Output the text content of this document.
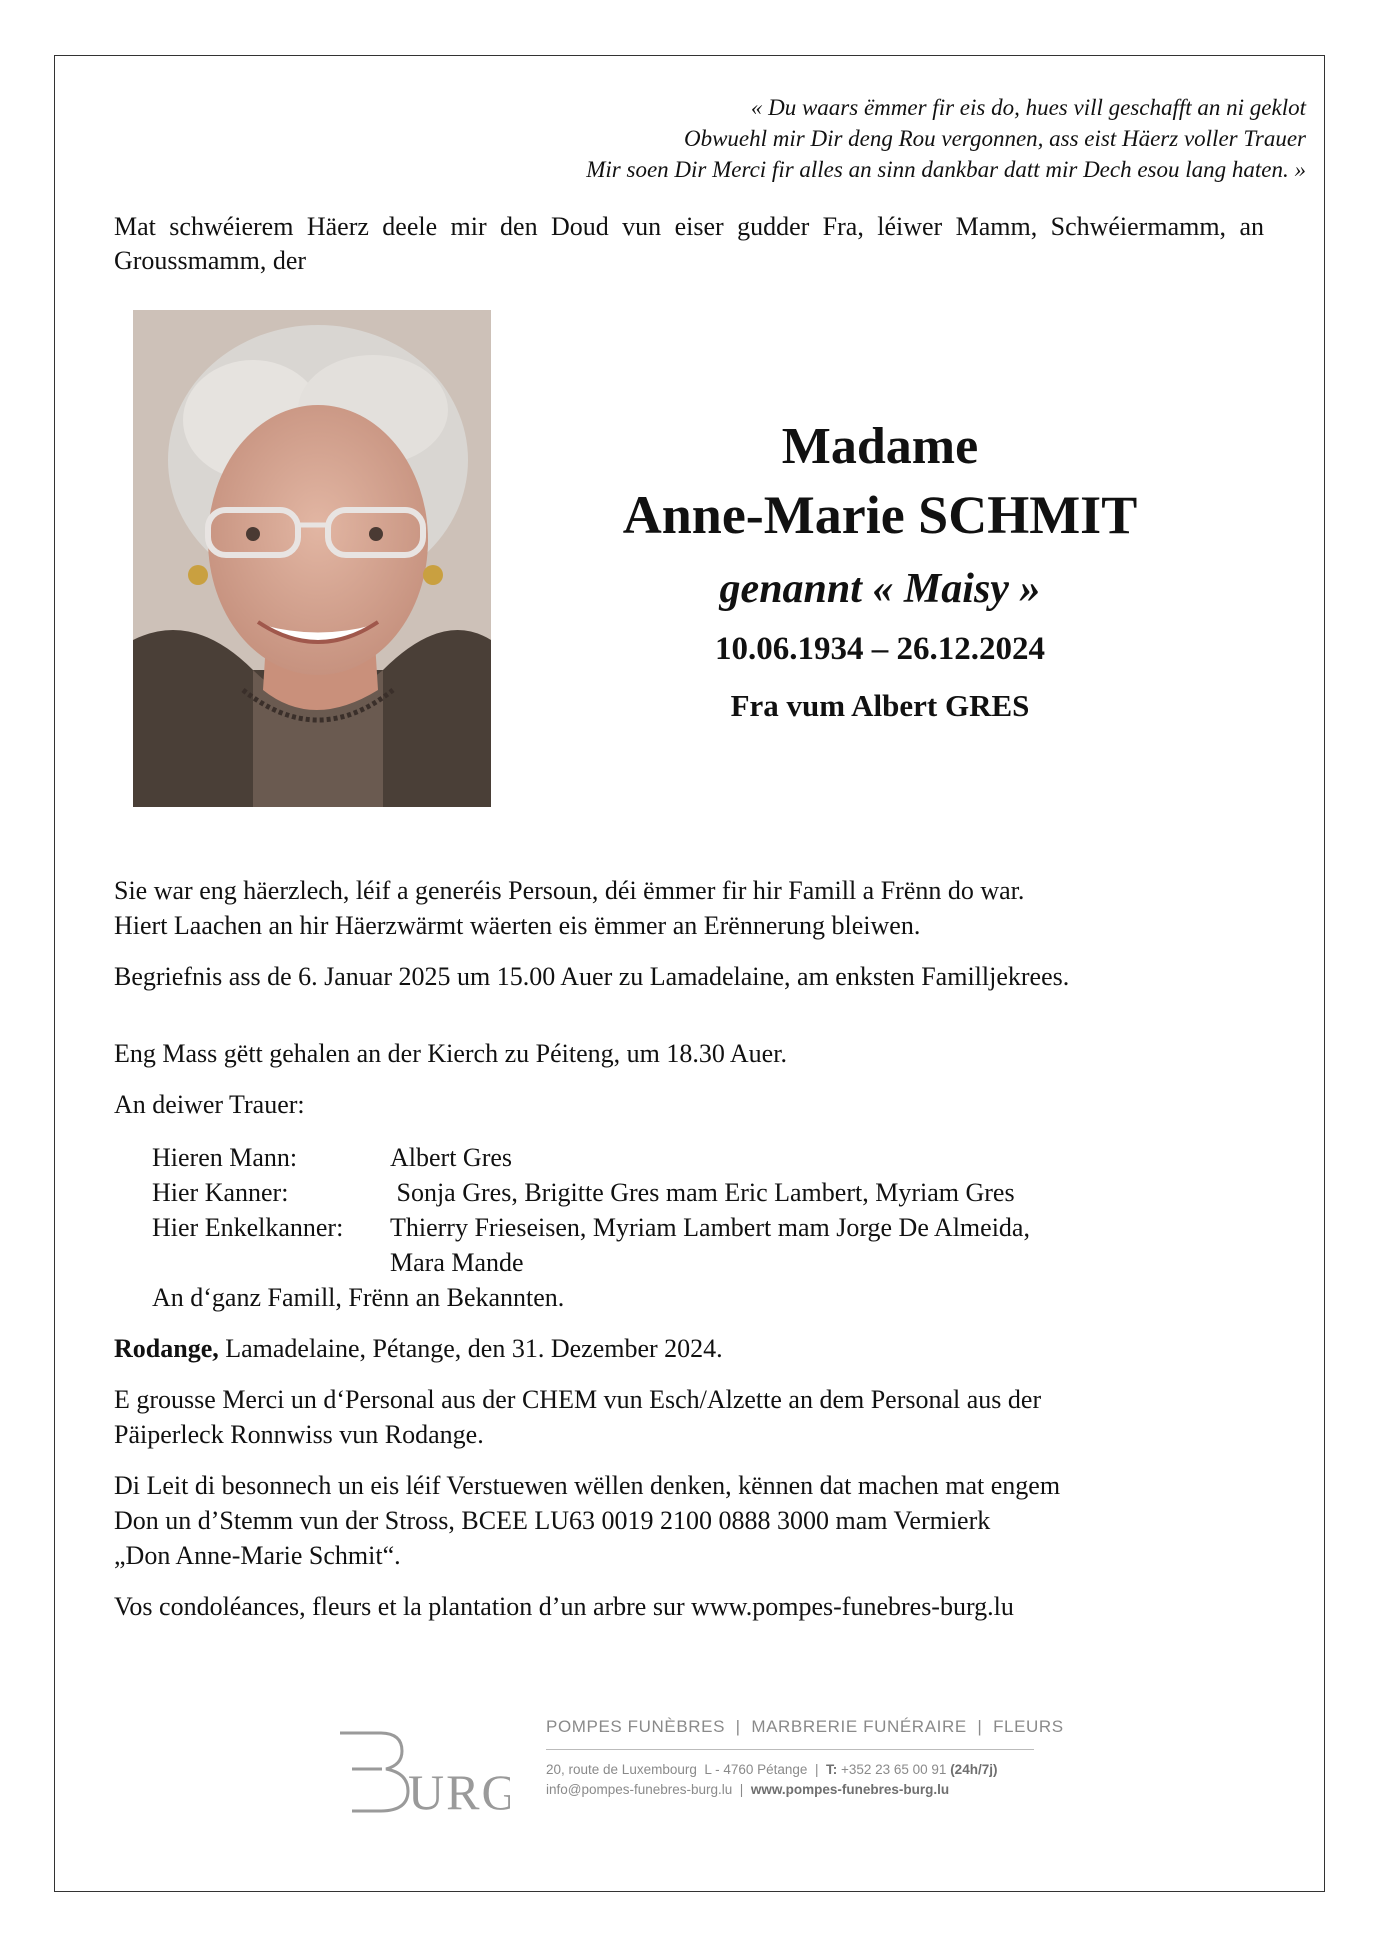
« Du waars ëmmer fir eis do, hues vill geschafft an ni geklot
Obwuehl mir Dir deng Rou vergonnen, ass eist Häerz voller Trauer
Mir soen Dir Merci fir alles an sinn dankbar datt mir Dech esou lang haten. »
Mat schwéierem Häerz deele mir den Doud vun eiser gudder Fra, léiwer Mamm, Schwéiermamm, an Groussmamm, der
Madame
Anne-Marie SCHMIT
genannt « Maisy »
10.06.1934 – 26.12.2024
Fra vum Albert GRES

Sie war eng häerzlech, léif a generéis Persoun, déi ëmmer fir hir Famill a Frënn do war.
Hiert Laachen an hir Häerzwärmt wäerten eis ëmmer an Erënnerung bleiwen.

Begriefnis ass de 6. Januar 2025 um 15.00 Auer zu Lamadelaine, am enksten Familljekrees.

Eng Mass gëtt gehalen an der Kierch zu Péiteng, um 18.30 Auer.

An deiwer Trauer:

Hieren Mann:	Albert Gres
Hier Kanner:	Sonja Gres, Brigitte Gres mam Eric Lambert, Myriam Gres
Hier Enkelkanner:	Thierry Frieseisen, Myriam Lambert mam Jorge De Almeida,
Mara Mande
An d‘ganz Famill, Frënn an Bekannten.

Rodange, Lamadelaine, Pétange, den 31. Dezember 2024.

E grousse Merci un d‘Personal aus der CHEM vun Esch/Alzette an dem Personal aus der
Päiperleck Ronnwiss vun Rodange.

Di Leit di besonnech un eis léif Verstuewen wëllen denken, kënnen dat machen mat engem
Don un d’Stemm vun der Stross, BCEE LU63 0019 2100 0888 3000 mam Vermierk
„Don Anne-Marie Schmit“.

Vos condoléances, fleurs et la plantation d’un arbre sur www.pompes-funebres-burg.lu

URG
POMPES FUNÈBRES  |  MARBRERIE FUNÉRAIRE  |  FLEURS
20, route de Luxembourg  L - 4760 Pétange  |  T: +352 23 65 00 91 (24h/7j)
info@pompes-funebres-burg.lu  |  www.pompes-funebres-burg.lu
